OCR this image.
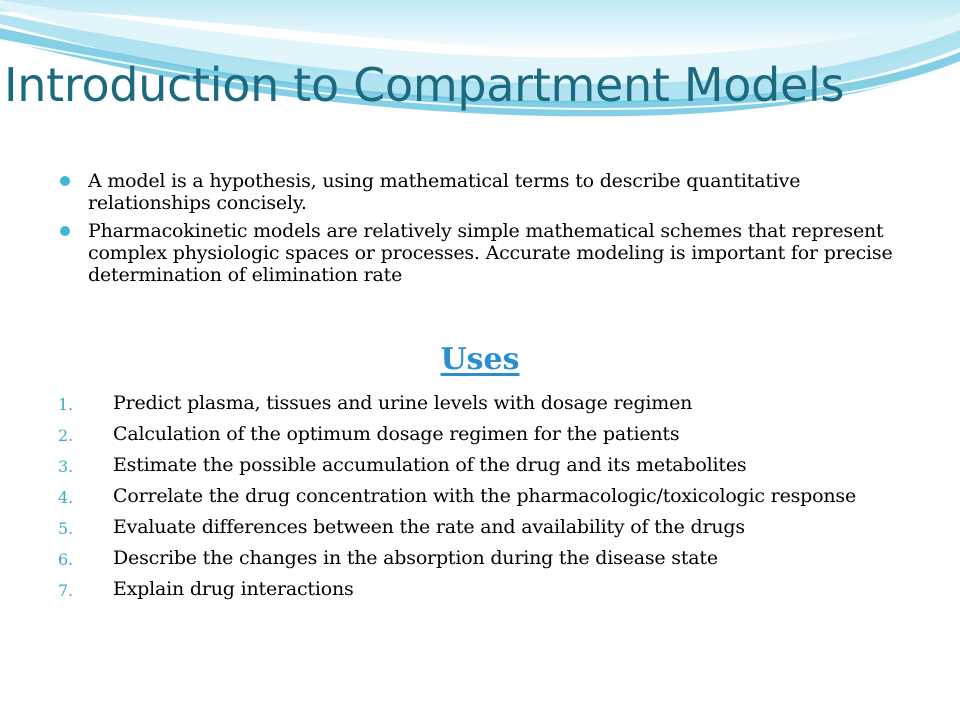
Introduction to Compartment Models
A model is a hypothesis, using mathematical terms to describe quantitative relationships concisely.
Pharmacokinetic models are relatively simple mathematical schemes that represent complex physiologic spaces or processes. Accurate modeling is important for precise determination of elimination rate
Uses
1. Predict plasma, tissues and urine levels with dosage regimen
2. Calculation of the optimum dosage regimen for the patients
3. Estimate the possible accumulation of the drug and its metabolites
4. Correlate the drug concentration with the pharmacologic/toxicologic response
5. Evaluate differences between the rate and availability of the drugs
6. Describe the changes in the absorption during the disease state
7. Explain drug interactions
